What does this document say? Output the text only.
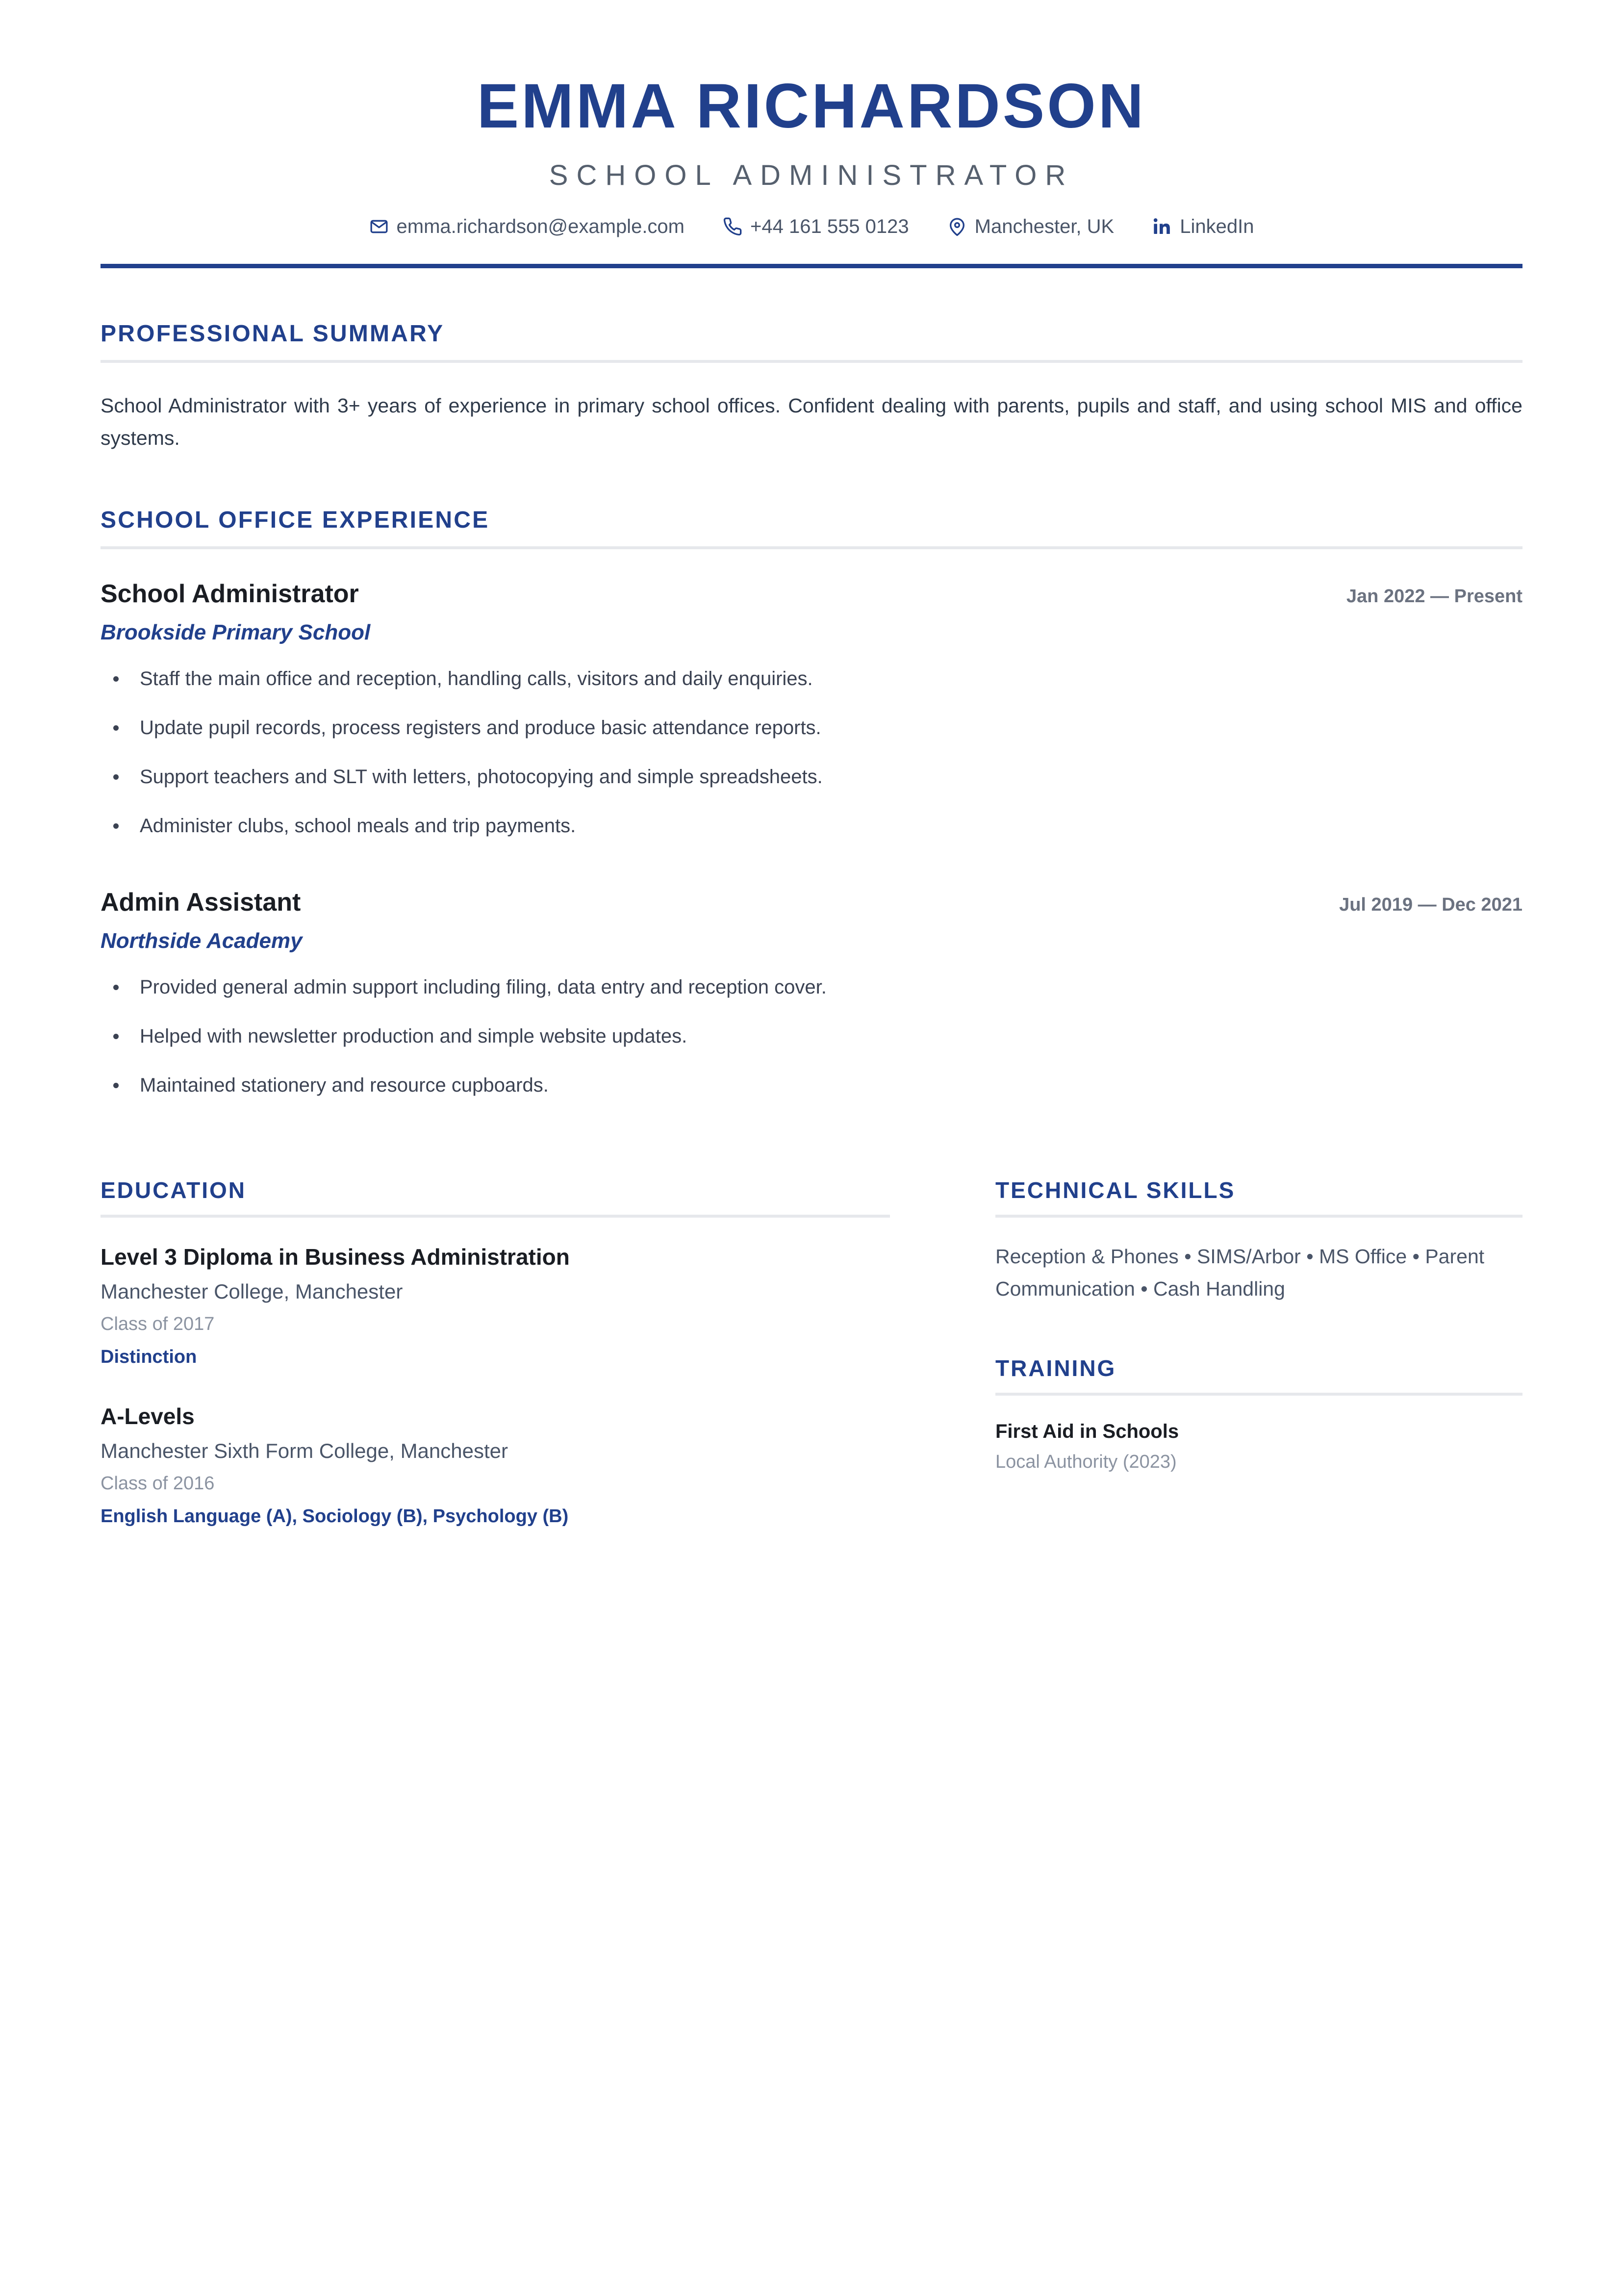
EMMA RICHARDSON
SCHOOL ADMINISTRATOR
emma.richardson@example.com	+44 161 555 0123	Manchester, UK	LinkedIn
PROFESSIONAL SUMMARY

School Administrator with 3+ years of experience in primary school offices. Confident dealing with parents, pupils and staff, and using school MIS and office systems.

SCHOOL OFFICE EXPERIENCE
School Administrator	Jan 2022 — Present
Brookside Primary School
Staff the main office and reception, handling calls, visitors and daily enquiries.
Update pupil records, process registers and produce basic attendance reports.
Support teachers and SLT with letters, photocopying and simple spreadsheets.
Administer clubs, school meals and trip payments.
Admin Assistant	Jul 2019 — Dec 2021
Northside Academy
Provided general admin support including filing, data entry and reception cover.
Helped with newsletter production and simple website updates.
Maintained stationery and resource cupboards.
EDUCATION
Level 3 Diploma in Business Administration
Manchester College, Manchester
Class of 2017
Distinction
A-Levels
Manchester Sixth Form College, Manchester
Class of 2016
English Language (A), Sociology (B), Psychology (B)
TECHNICAL SKILLS
Reception & Phones • SIMS/Arbor • MS Office • Parent Communication • Cash Handling
TRAINING
First Aid in Schools
Local Authority (2023)
